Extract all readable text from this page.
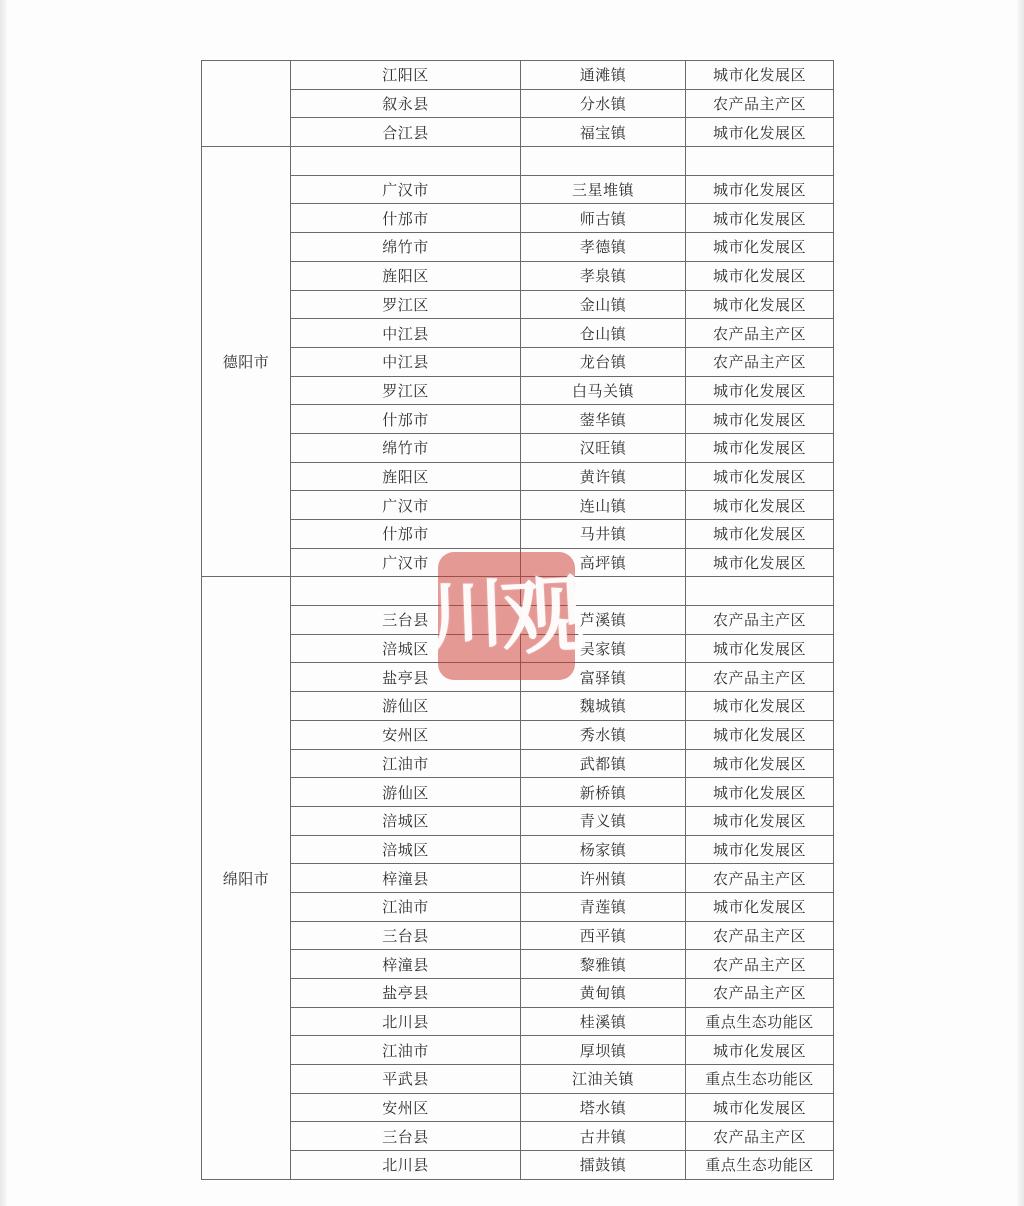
	江阳区	通滩镇	城市化发展区
	叙永县	分水镇	农产品主产区
	合江县	福宝镇	城市化发展区
德阳市			
	广汉市	三星堆镇	城市化发展区
	什邡市	师古镇	城市化发展区
	绵竹市	孝德镇	城市化发展区
	旌阳区	孝泉镇	城市化发展区
	罗江区	金山镇	城市化发展区
	中江县	仓山镇	农产品主产区
	中江县	龙台镇	农产品主产区
	罗江区	白马关镇	城市化发展区
	什邡市	蓥华镇	城市化发展区
	绵竹市	汉旺镇	城市化发展区
	旌阳区	黄许镇	城市化发展区
	广汉市	连山镇	城市化发展区
	什邡市	马井镇	城市化发展区
	广汉市	高坪镇	城市化发展区
绵阳市			
	三台县	芦溪镇	农产品主产区
	涪城区	吴家镇	城市化发展区
	盐亭县	富驿镇	农产品主产区
	游仙区	魏城镇	城市化发展区
	安州区	秀水镇	城市化发展区
	江油市	武都镇	城市化发展区
	游仙区	新桥镇	城市化发展区
	涪城区	青义镇	城市化发展区
	涪城区	杨家镇	城市化发展区
	梓潼县	许州镇	农产品主产区
	江油市	青莲镇	城市化发展区
	三台县	西平镇	农产品主产区
	梓潼县	黎雅镇	农产品主产区
	盐亭县	黄甸镇	农产品主产区
	北川县	桂溪镇	重点生态功能区
	江油市	厚坝镇	城市化发展区
	平武县	江油关镇	重点生态功能区
	安州区	塔水镇	城市化发展区
	三台县	古井镇	农产品主产区
	北川县	擂鼓镇	重点生态功能区
川
观
